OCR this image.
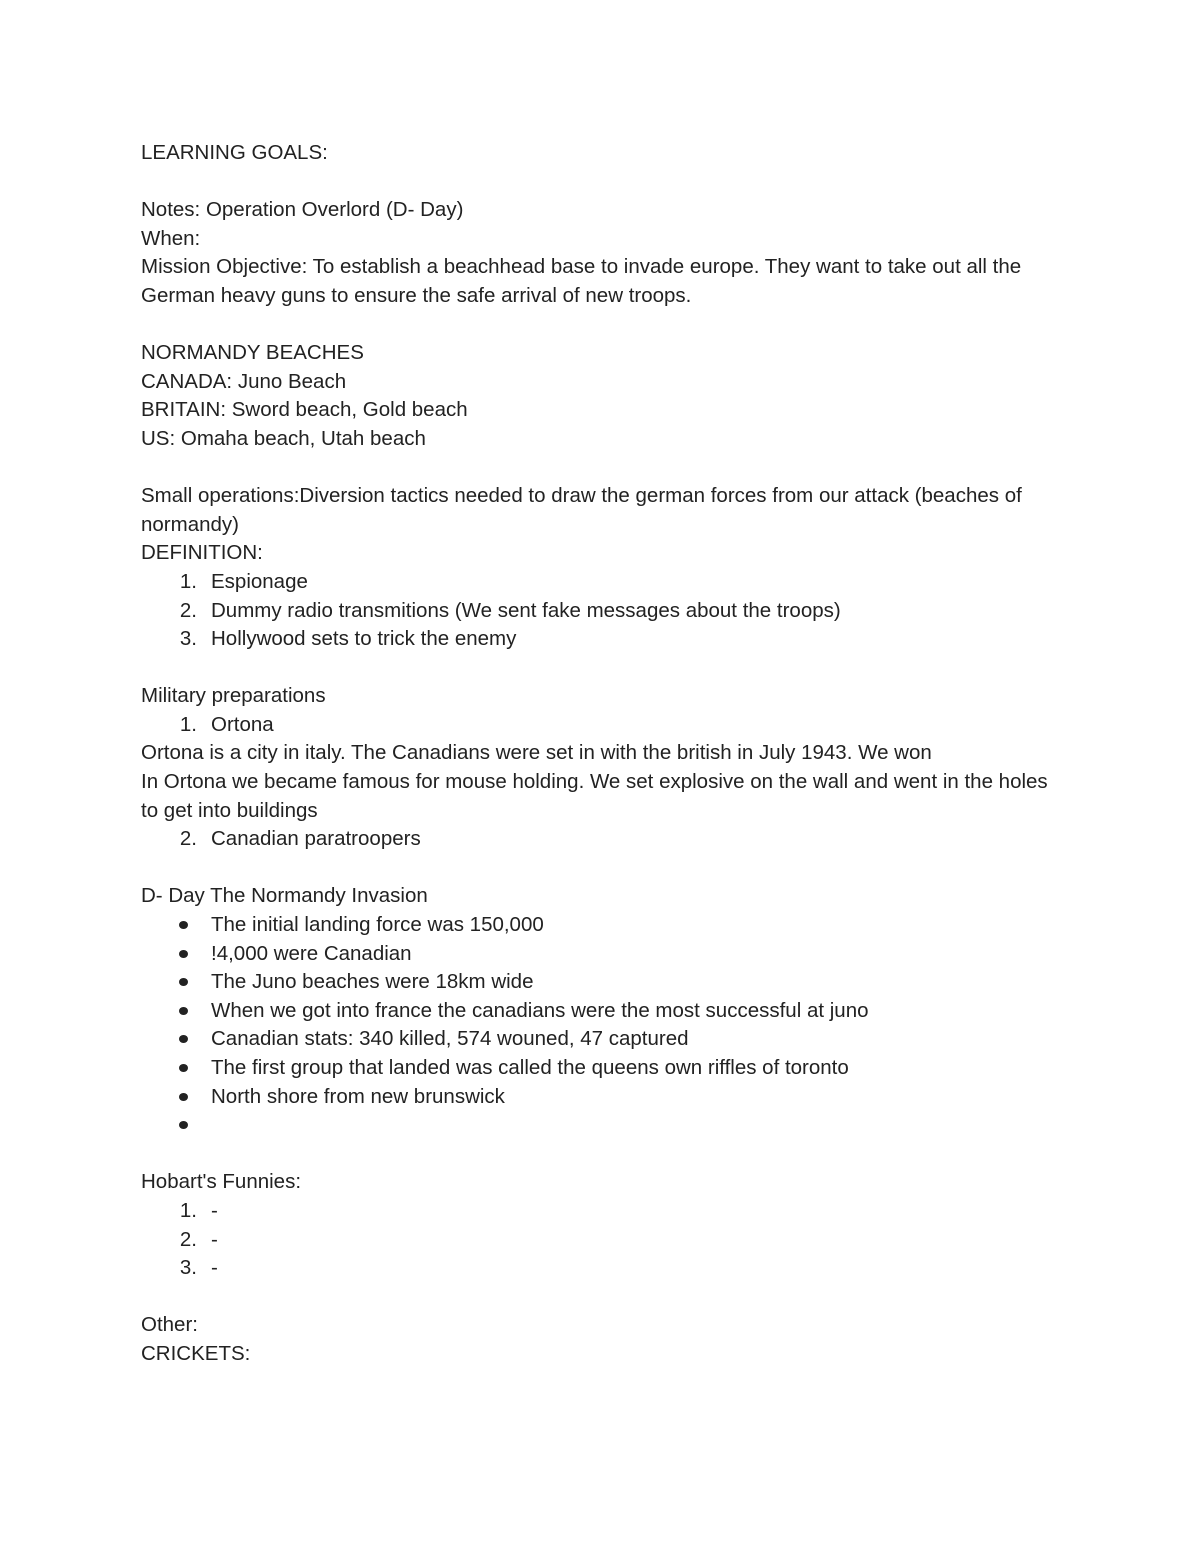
LEARNING GOALS:
Notes: Operation Overlord (D- Day)
When:
Mission Objective: To establish a beachhead base to invade europe. They want to take out all the German heavy guns to ensure the safe arrival of new troops.
NORMANDY BEACHES
CANADA: Juno Beach
BRITAIN: Sword beach, Gold beach
US: Omaha beach, Utah beach
Small operations:Diversion tactics needed to draw the german forces from our attack (beaches of normandy)
DEFINITION:
1. Espionage
2. Dummy radio transmitions (We sent fake messages about the troops)
3. Hollywood sets to trick the enemy
Military preparations
1. Ortona
Ortona is a city in italy. The Canadians were set in with the british in July 1943. We won
In Ortona we became famous for mouse holding. We set explosive on the wall and went in the holes to get into buildings
2. Canadian paratroopers
D- Day The Normandy Invasion
The initial landing force was 150,000
!4,000 were Canadian
The Juno beaches were 18km wide
When we got into france the canadians were the most successful at juno
Canadian stats: 340 killed, 574 wouned, 47 captured
The first group that landed was called the queens own riffles of toronto
North shore from new brunswick
Hobart's Funnies:
1. -
2. -
3. -
Other:
CRICKETS:
